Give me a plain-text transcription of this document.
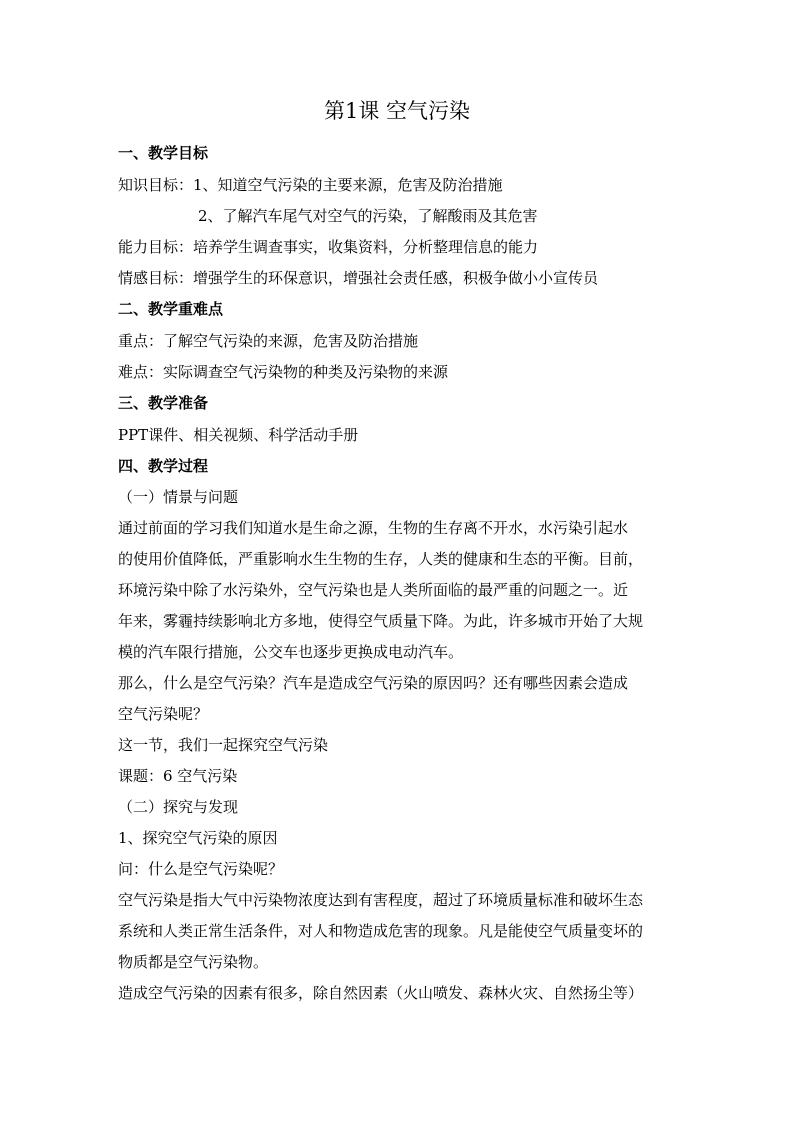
第1课 空气污染

一、教学目标

知识目标：1、知道空气污染的主要来源，危害及防治措施

2、了解汽车尾气对空气的污染，了解酸雨及其危害

能力目标：培养学生调查事实，收集资料，分析整理信息的能力

情感目标：增强学生的环保意识，增强社会责任感，积极争做小小宣传员

二、教学重难点

重点：了解空气污染的来源，危害及防治措施

难点：实际调查空气污染物的种类及污染物的来源

三、教学准备

PPT课件、相关视频、科学活动手册

四、教学过程

（一）情景与问题

通过前面的学习我们知道水是生命之源，生物的生存离不开水，水污染引起水

的使用价值降低，严重影响水生生物的生存，人类的健康和生态的平衡。目前，

环境污染中除了水污染外，空气污染也是人类所面临的最严重的问题之一。近

年来，雾霾持续影响北方多地，使得空气质量下降。为此，许多城市开始了大规

模的汽车限行措施，公交车也逐步更换成电动汽车。

那么，什么是空气污染？汽车是造成空气污染的原因吗？还有哪些因素会造成

空气污染呢？

这一节，我们一起探究空气污染

课题：6 空气污染

（二）探究与发现

1、探究空气污染的原因

问：什么是空气污染呢？

空气污染是指大气中污染物浓度达到有害程度，超过了环境质量标准和破坏生态

系统和人类正常生活条件，对人和物造成危害的现象。凡是能使空气质量变坏的

物质都是空气污染物。

造成空气污染的因素有很多，除自然因素（火山喷发、森林火灾、自然扬尘等）
